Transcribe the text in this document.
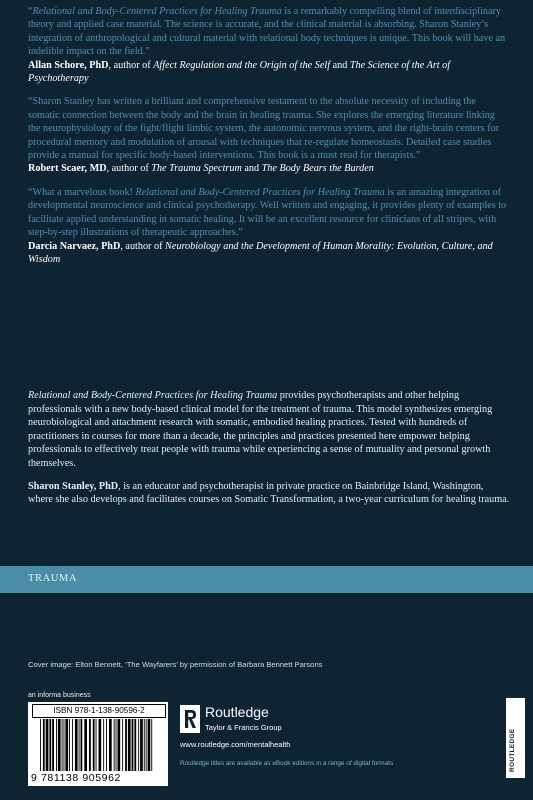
“Relational and Body-Centered Practices for Healing Trauma is a remarkably compelling blend of interdisciplinary theory and applied case material. The science is accurate, and the clinical material is absorbing. Sharon Stanley’s integration of anthropological and cultural material with relational body techniques is unique. This book will have an indelible impact on the field.”
Allan Schore, PhD, author of Affect Regulation and the Origin of the Self and The Science of the Art of Psychotherapy
“Sharon Stanley has written a brilliant and comprehensive testament to the absolute necessity of including the somatic connection between the body and the brain in healing trauma. She explores the emerging literature linking the neurophysiology of the fight/flight limbic system, the autonomic nervous system, and the right-brain centers for procedural memory and modulation of arousal with techniques that re-regulate homeostasis. Detailed case studies provide a manual for specific body-based interventions. This book is a must read for therapists.”
Robert Scaer, MD, author of The Trauma Spectrum and The Body Bears the Burden
“What a marvelous book! Relational and Body-Centered Practices for Healing Trauma is an amazing integration of developmental neuroscience and clinical psychotherapy. Well written and engaging, it provides plenty of examples to facilitate applied understanding in somatic healing. It will be an excellent resource for clinicians of all stripes, with step-by-step illustrations of therapeutic approaches.”
Darcia Narvaez, PhD, author of Neurobiology and the Development of Human Morality: Evolution, Culture, and Wisdom

Relational and Body-Centered Practices for Healing Trauma provides psychotherapists and other helping professionals with a new body-based clinical model for the treatment of trauma. This model synthesizes emerging neurobiological and attachment research with somatic, embodied healing practices. Tested with hundreds of practitioners in courses for more than a decade, the principles and practices presented here empower helping professionals to effectively treat people with trauma while experiencing a sense of mutuality and personal growth themselves.

Sharon Stanley, PhD, is an educator and psychotherapist in private practice on Bainbridge Island, Washington, where she also develops and facilitates courses on Somatic Transformation, a two-year curriculum for healing trauma.

TRAUMA
Cover image: Elton Bennett, ‘The Wayfarers’ by permission of Barbara Bennett Parsons
an informa business
ISBN 978-1-138-90596-2
9 781138 905962
Routledge
Taylor & Francis Group
www.routledge.com/mentalhealth
Routledge titles are available as eBook editions in a range of digital formats	ROUTLEDGE
